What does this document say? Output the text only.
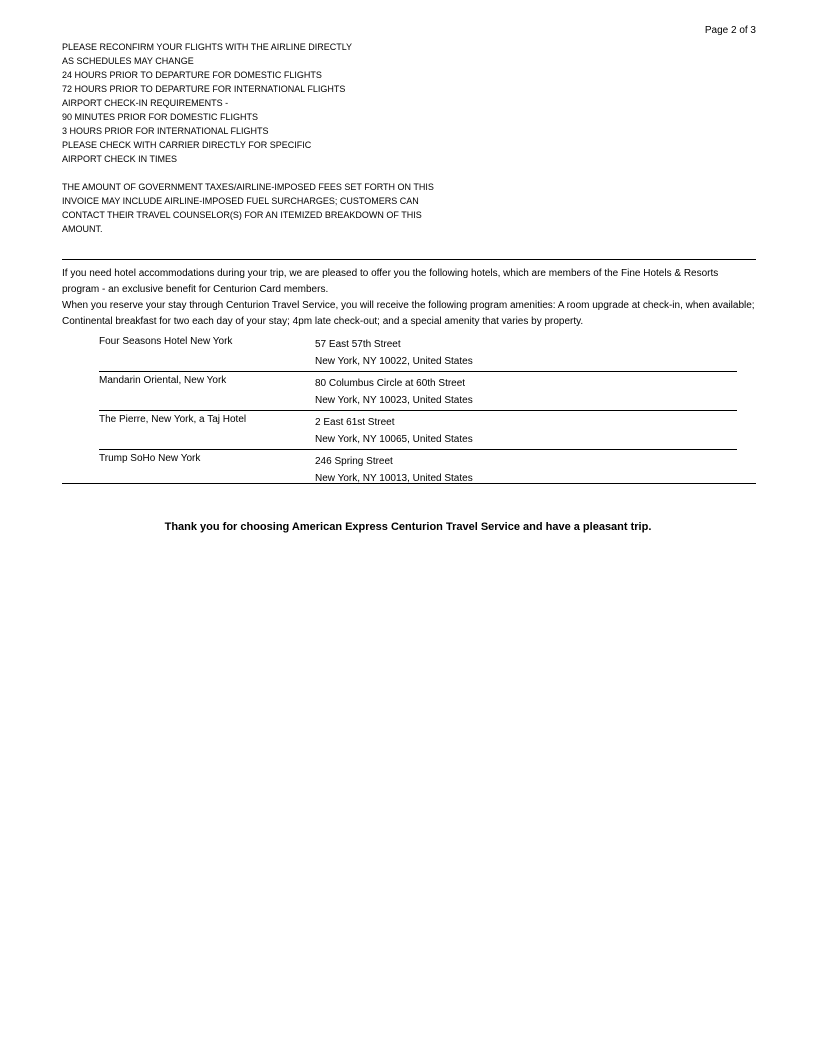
Page 2 of 3
PLEASE RECONFIRM YOUR FLIGHTS WITH THE AIRLINE DIRECTLY
AS SCHEDULES MAY CHANGE
24 HOURS PRIOR TO DEPARTURE FOR DOMESTIC FLIGHTS
72 HOURS PRIOR TO DEPARTURE FOR INTERNATIONAL FLIGHTS
AIRPORT CHECK-IN REQUIREMENTS -
90 MINUTES PRIOR FOR DOMESTIC FLIGHTS
3 HOURS PRIOR FOR INTERNATIONAL FLIGHTS
PLEASE CHECK WITH CARRIER DIRECTLY FOR SPECIFIC
AIRPORT CHECK IN TIMES
THE AMOUNT OF GOVERNMENT TAXES/AIRLINE-IMPOSED FEES SET FORTH ON THIS
INVOICE MAY INCLUDE AIRLINE-IMPOSED FUEL SURCHARGES; CUSTOMERS CAN
CONTACT THEIR TRAVEL COUNSELOR(S) FOR AN ITEMIZED BREAKDOWN OF THIS
AMOUNT.

If you need hotel accommodations during your trip, we are pleased to offer you the following hotels, which are members of the Fine Hotels & Resorts program - an exclusive benefit for Centurion Card members.

When you reserve your stay through Centurion Travel Service, you will receive the following program amenities: A room upgrade at check-in, when available; Continental breakfast for two each day of your stay; 4pm late check-out; and a special amenity that varies by property.

Four Seasons Hotel New York	57 East 57th Street
New York, NY 10022, United States
Mandarin Oriental, New York	80 Columbus Circle at 60th Street
New York, NY 10023, United States
The Pierre, New York, a Taj Hotel	2 East 61st Street
New York, NY 10065, United States
Trump SoHo New York	246 Spring Street
New York, NY 10013, United States
Thank you for choosing American Express Centurion Travel Service and have a pleasant trip.
